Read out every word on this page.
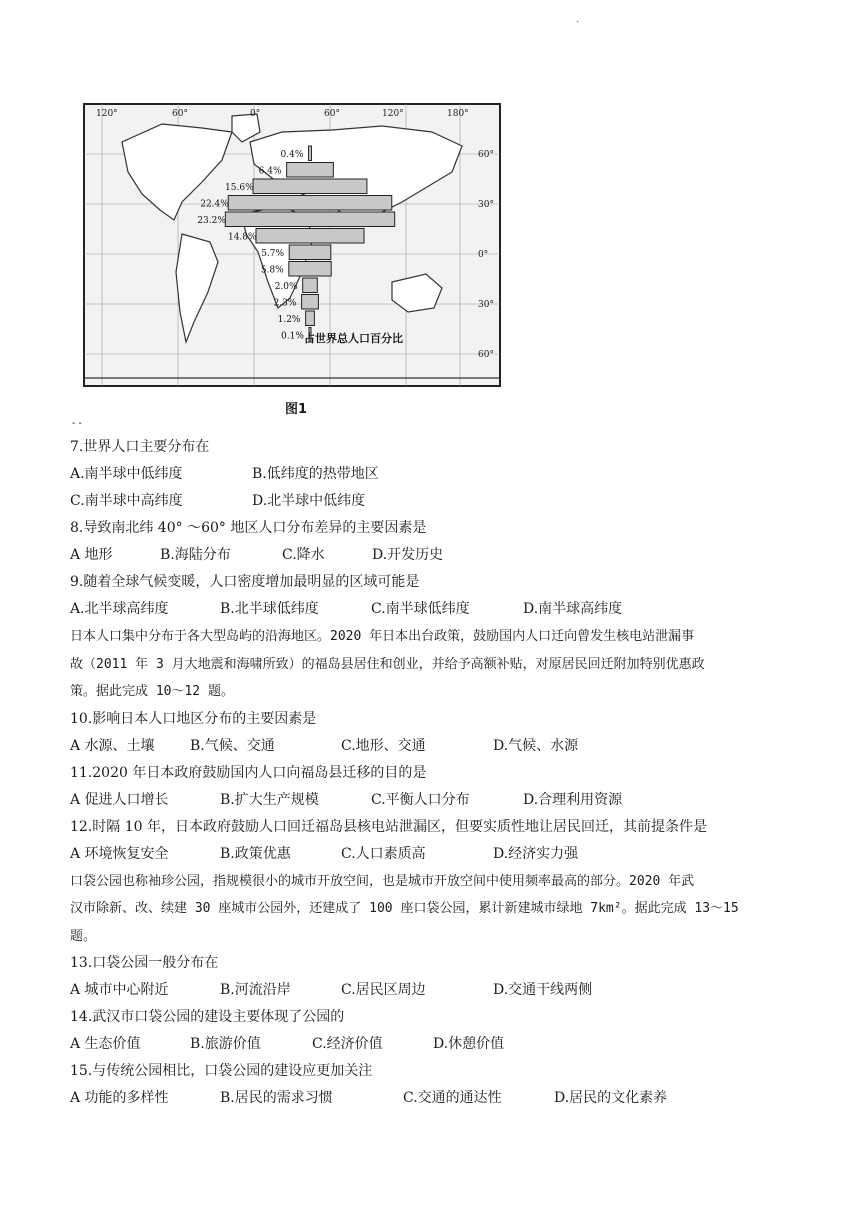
.
120°	60°	0°	60°	120°	180°
60°
30°
0°
30°
60°
0.4%
6.4%
15.6%
22.4%
23.2%
14.8%
5.7%
5.8%
2.0%
2.3%
1.2%
0.1% 占世界总人口百分比
图1
- -
7.世界人口主要分布在
A.南半球中低纬度	B.低纬度的热带地区
C.南半球中高纬度	D.北半球中低纬度
8.导致南北纬 40° ～60° 地区人口分布差异的主要因素是
A 地形	B.海陆分布	C.降水	D.开发历史
9.随着全球气候变暖，人口密度增加最明显的区域可能是
A.北半球高纬度	B.北半球低纬度	C.南半球低纬度	D.南半球高纬度
日本人口集中分布于各大型岛屿的沿海地区。2020 年日本出台政策，鼓励国内人口迁向曾发生核电站泄漏事
故（2011 年 3 月大地震和海啸所致）的福岛县居住和创业，并给予高额补贴，对原居民回迁附加特别优惠政
策。据此完成 10～12 题。
10.影响日本人口地区分布的主要因素是
A 水源、土壤	B.气候、交通	C.地形、交通	D.气候、水源
11.2020 年日本政府鼓励国内人口向福岛县迁移的目的是
A 促进人口增长	B.扩大生产规模	C.平衡人口分布	D.合理利用资源
12.时隔 10 年，日本政府鼓励人口回迁福岛县核电站泄漏区，但要实质性地让居民回迁，其前提条件是
A 环境恢复安全	B.政策优惠	C.人口素质高	D.经济实力强
口袋公园也称袖珍公园，指规模很小的城市开放空间，也是城市开放空间中使用频率最高的部分。2020 年武
汉市除新、改、续建 30 座城市公园外，还建成了 100 座口袋公园，累计新建城市绿地 7km²。据此完成 13～15
题。
13.口袋公园一般分布在
A 城市中心附近	B.河流沿岸	C.居民区周边	D.交通干线两侧
14.武汉市口袋公园的建设主要体现了公园的
A 生态价值	B.旅游价值	C.经济价值	D.休憩价值
15.与传统公园相比，口袋公园的建设应更加关注
A 功能的多样性	B.居民的需求习惯	C.交通的通达性	D.居民的文化素养
